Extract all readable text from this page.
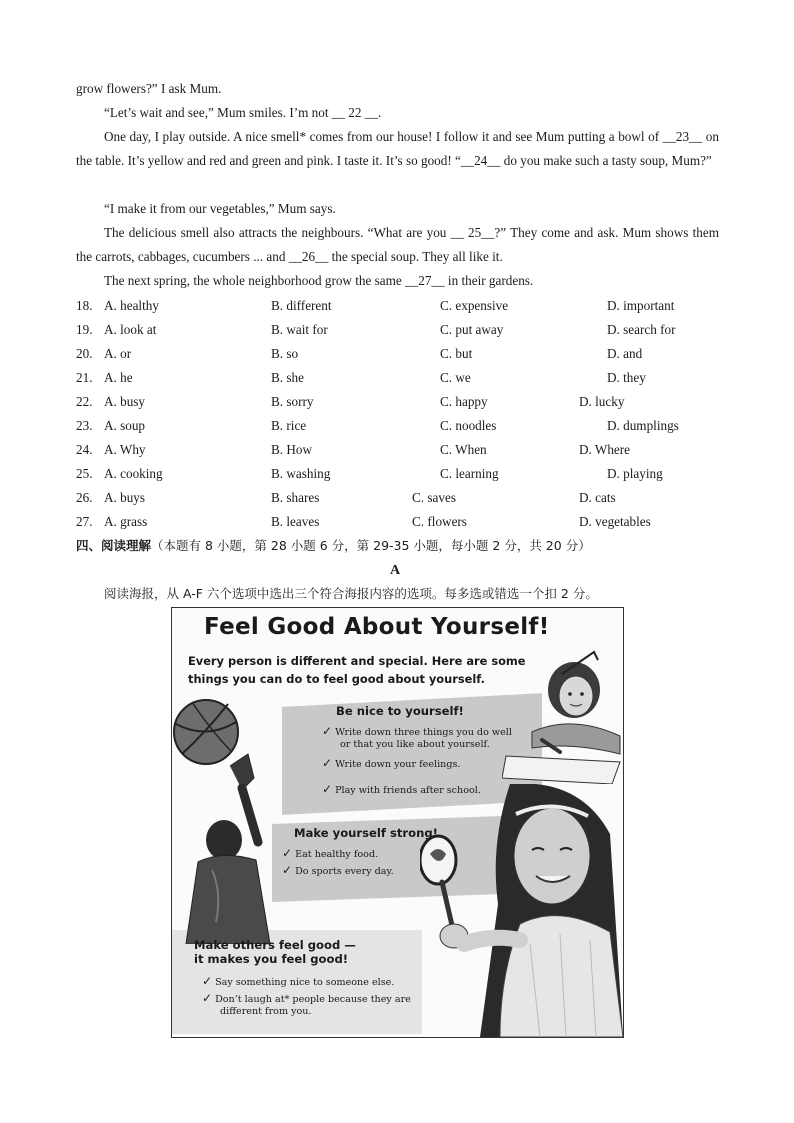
grow flowers?” I ask Mum.
“Let’s wait and see,” Mum smiles. I’m not __ 22 __.
One day, I play outside. A nice smell* comes from our house! I follow it and see Mum putting a bowl of __23__ on the table. It’s yellow and red and green and pink. I taste it. It’s so good! “__24__ do you make such a tasty soup, Mum?”
“I make it from our vegetables,” Mum says.
The delicious smell also attracts the neighbours. “What are you __ 25__?” They come and ask. Mum shows them the carrots, cabbages, cucumbers ... and __26__ the special soup. They all like it.
The next spring, the whole neighborhood grow the same __27__ in their gardens.
18. A. healthy	B. different	C. expensive	D. important
19. A. look at	B. wait for	C. put away	D. search for
20. A. or	B. so	C. but	D. and
21. A. he	B. she	C. we	D. they
22. A. busy	B. sorry	C. happy	D. lucky
23. A. soup	B. rice	C. noodles	D. dumplings
24. A. Why	B. How	C. When	D. Where
25. A. cooking	B. washing	C. learning	D. playing
26. A. buys	B. shares	C. saves	D. cats
27. A. grass	B. leaves	C. flowers	D. vegetables
四、阅读理解（本题有 8 小题，第 28 小题 6 分，第 29-35 小题，每小题 2 分，共 20 分）
A
阅读海报，从 A-F 六个选项中选出三个符合海报内容的选项。每多选或错选一个扣 2 分。
Feel Good About Yourself!
Every person is different and special. Here are some things you can do to feel good about yourself.
Be nice to yourself!
✓ Write down three things you do well
or that you like about yourself.
✓ Write down your feelings.
✓ Play with friends after school.
Make yourself strong!
✓ Eat healthy food.
✓ Do sports every day.
Make others feel good —
it makes you feel good!
✓ Say something nice to someone else.
✓ Don’t laugh at* people because they are
different from you.
